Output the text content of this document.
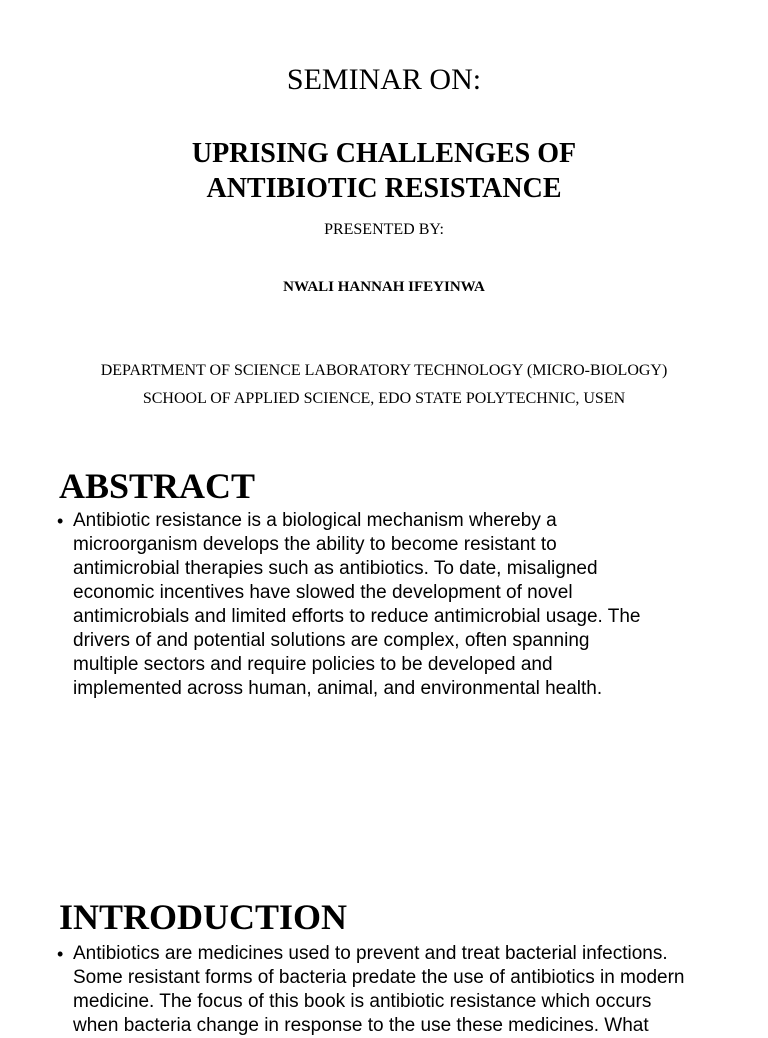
SEMINAR ON:
UPRISING CHALLENGES OF
ANTIBIOTIC RESISTANCE
PRESENTED BY:
NWALI HANNAH IFEYINWA
DEPARTMENT OF SCIENCE LABORATORY TECHNOLOGY (MICRO-BIOLOGY)
SCHOOL OF APPLIED SCIENCE, EDO STATE POLYTECHNIC, USEN
ABSTRACT
• Antibiotic resistance is a biological mechanism whereby a
microorganism develops the ability to become resistant to
antimicrobial therapies such as antibiotics. To date, misaligned
economic incentives have slowed the development of novel
antimicrobials and limited efforts to reduce antimicrobial usage. The
drivers of and potential solutions are complex, often spanning
multiple sectors and require policies to be developed and
implemented across human, animal, and environmental health.
INTRODUCTION
• Antibiotics are medicines used to prevent and treat bacterial infections.
Some resistant forms of bacteria predate the use of antibiotics in modern
medicine. The focus of this book is antibiotic resistance which occurs
when bacteria change in response to the use these medicines. What
